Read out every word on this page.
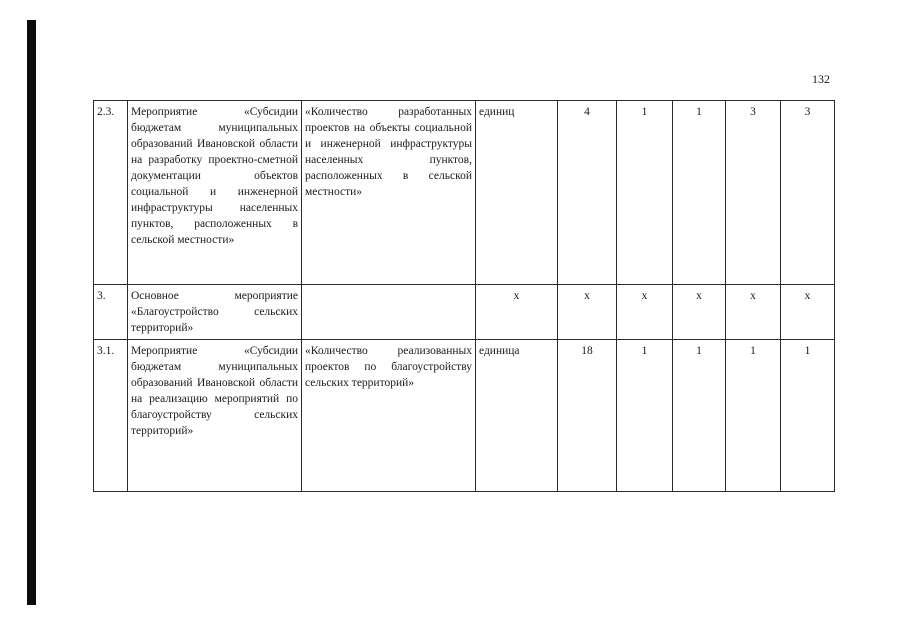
132
2.3.	Мероприятие «Субсидии бюджетам муниципальных образований Ивановской области на разработку проектно-сметной документации объектов социальной и инженерной инфраструктуры населенных пунктов, расположенных в сельской местности»	«Количество разработанных проектов на объекты социальной и инженерной инфраструктуры населенных пунктов, расположенных в сельской местности»	единиц	4	1	1	3	3
3.	Основное мероприятие «Благоустройство сельских территорий»		х	х	х	х	х	х
3.1.	Мероприятие «Субсидии бюджетам муниципальных образований Ивановской области на реализацию мероприятий по благоустройству сельских территорий»	«Количество реализованных проектов по благоустройству сельских территорий»	единица	18	1	1	1	1
